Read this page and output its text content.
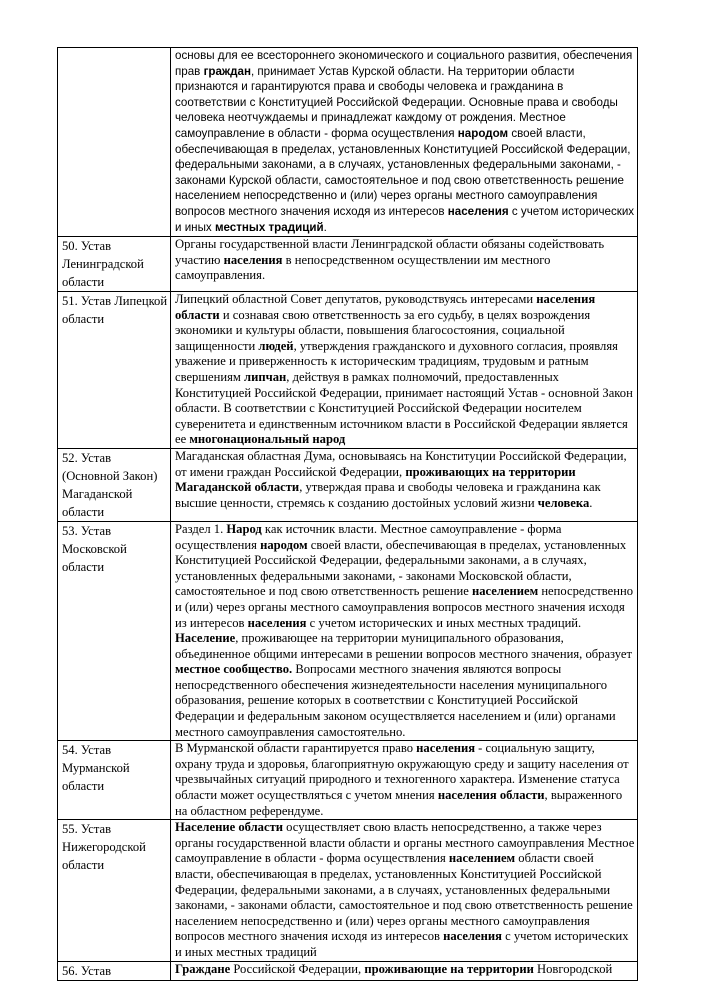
	основы для ее всестороннего экономического и социального развития, обеспечения прав граждан, принимает Устав Курской области. На территории области признаются и гарантируются права и свободы человека и гражданина в соответствии с Конституцией Российской Федерации. Основные права и свободы человека неотчуждаемы и принадлежат каждому от рождения. Местное самоуправление в области - форма осуществления народом своей власти, обеспечивающая в пределах, установленных Конституцией Российской Федерации, федеральными законами, а в случаях, установленных федеральными законами, - законами Курской области, самостоятельное и под свою ответственность решение населением непосредственно и (или) через органы местного самоуправления вопросов местного значения исходя из интересов населения с учетом исторических и иных местных традиций.

50. Устав Ленинградской области	Органы государственной власти Ленинградской области обязаны содействовать участию населения в непосредственном осуществлении им местного самоуправления.

51. Устав Липецкой области	Липецкий областной Совет депутатов, руководствуясь интересами населения области и сознавая свою ответственность за его судьбу, в целях возрождения экономики и культуры области, повышения благосостояния, социальной защищенности людей, утверждения гражданского и духовного согласия, проявляя уважение и приверженность к историческим традициям, трудовым и ратным свершениям липчан, действуя в рамках полномочий, предоставленных Конституцией Российской Федерации, принимает настоящий Устав - основной Закон области. В соответствии с Конституцией Российской Федерации носителем суверенитета и единственным источником власти в Российской Федерации является ее многонациональный народ

52. Устав (Основной Закон) Магаданской области	Магаданская областная Дума, основываясь на Конституции Российской Федерации, от имени граждан Российской Федерации, проживающих на территории Магаданской области, утверждая права и свободы человека и гражданина как высшие ценности, стремясь к созданию достойных условий жизни человека.

53. Устав Московской области	Раздел 1. Народ как источник власти. Местное самоуправление - форма осуществления народом своей власти, обеспечивающая в пределах, установленных Конституцией Российской Федерации, федеральными законами, а в случаях, установленных федеральными законами, - законами Московской области, самостоятельное и под свою ответственность решение населением непосредственно и (или) через органы местного самоуправления вопросов местного значения исходя из интересов населения с учетом исторических и иных местных традиций. Население, проживающее на территории муниципального образования, объединенное общими интересами в решении вопросов местного значения, образует местное сообщество. Вопросами местного значения являются вопросы непосредственного обеспечения жизнедеятельности населения муниципального образования, решение которых в соответствии с Конституцией Российской Федерации и федеральным законом осуществляется населением и (или) органами местного самоуправления самостоятельно.

54. Устав Мурманской области	В Мурманской области гарантируется право населения - социальную защиту, охрану труда и здоровья, благоприятную окружающую среду и защиту населения от чрезвычайных ситуаций природного и техногенного характера. Изменение статуса области может осуществляться с учетом мнения населения области, выраженного на областном референдуме.

55. Устав Нижегородской области	Население области осуществляет свою власть непосредственно, а также через органы государственной власти области и органы местного самоуправления Местное самоуправление в области - форма осуществления населением области своей власти, обеспечивающая в пределах, установленных Конституцией Российской Федерации, федеральными законами, а в случаях, установленных федеральными законами, - законами области, самостоятельное и под свою ответственность решение населением непосредственно и (или) через органы местного самоуправления вопросов местного значения исходя из интересов населения с учетом исторических и иных местных традиций

56. Устав	Граждане Российской Федерации, проживающие на территории Новгородской
